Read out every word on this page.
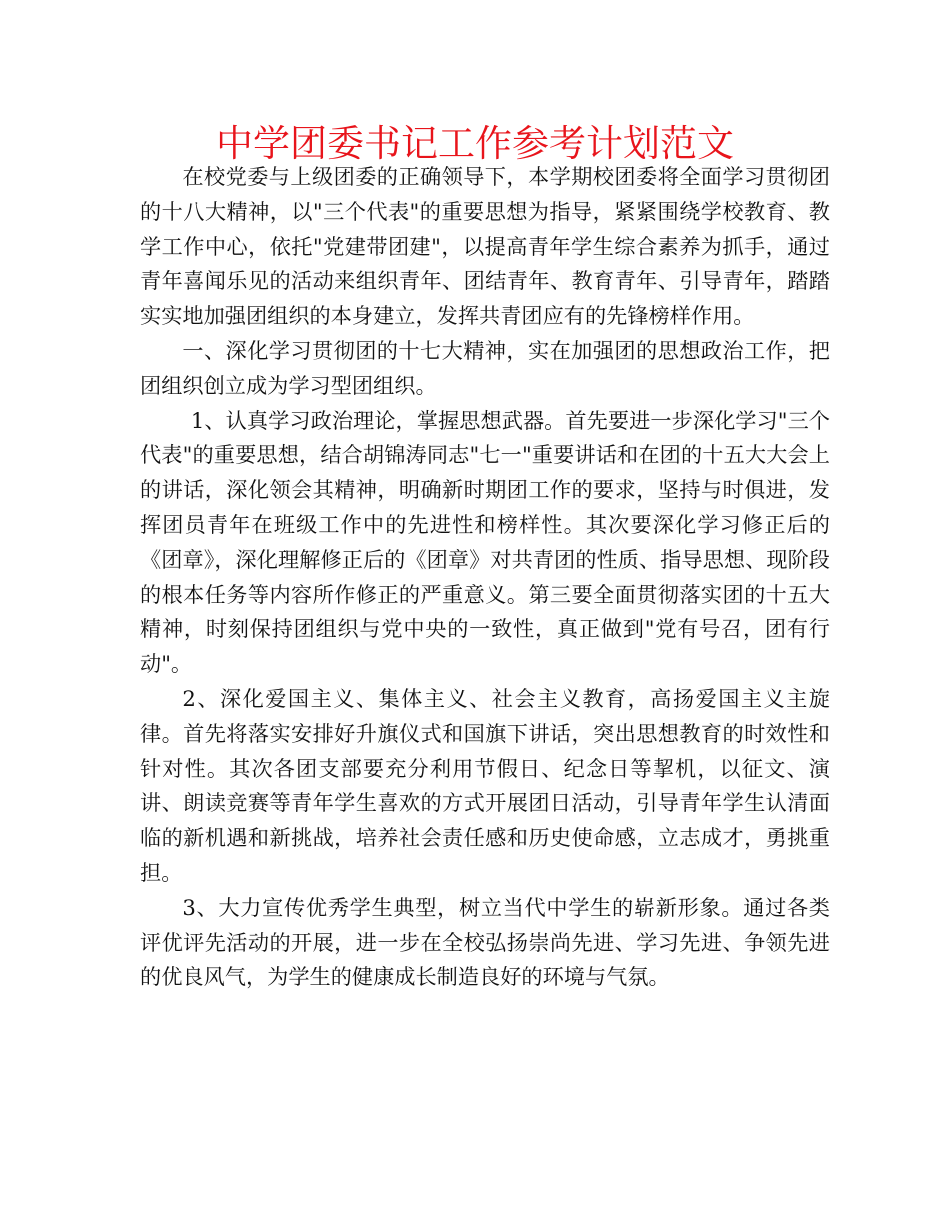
中学团委书记工作参考计划范文

在校党委与上级团委的正确领导下，本学期校团委将全面学习贯彻团的十八大精神，以"三个代表"的重要思想为指导，紧紧围绕学校教育、教学工作中心，依托"党建带团建"，以提高青年学生综合素养为抓手，通过青年喜闻乐见的活动来组织青年、团结青年、教育青年、引导青年，踏踏实实地加强团组织的本身建立，发挥共青团应有的先锋榜样作用。

一、深化学习贯彻团的十七大精神，实在加强团的思想政治工作，把团组织创立成为学习型团组织。

1、认真学习政治理论，掌握思想武器。首先要进一步深化学习"三个代表"的重要思想，结合胡锦涛同志"七一"重要讲话和在团的十五大大会上的讲话，深化领会其精神，明确新时期团工作的要求，坚持与时俱进，发挥团员青年在班级工作中的先进性和榜样性。其次要深化学习修正后的《团章》，深化理解修正后的《团章》对共青团的性质、指导思想、现阶段的根本任务等内容所作修正的严重意义。第三要全面贯彻落实团的十五大精神，时刻保持团组织与党中央的一致性，真正做到"党有号召，团有行动"。

2、深化爱国主义、集体主义、社会主义教育，高扬爱国主义主旋律。首先将落实安排好升旗仪式和国旗下讲话，突出思想教育的时效性和针对性。其次各团支部要充分利用节假日、纪念日等挈机，以征文、演讲、朗读竞赛等青年学生喜欢的方式开展团日活动，引导青年学生认清面临的新机遇和新挑战，培养社会责任感和历史使命感，立志成才，勇挑重担。

3、大力宣传优秀学生典型，树立当代中学生的崭新形象。通过各类评优评先活动的开展，进一步在全校弘扬崇尚先进、学习先进、争领先进的优良风气，为学生的健康成长制造良好的环境与气氛。
